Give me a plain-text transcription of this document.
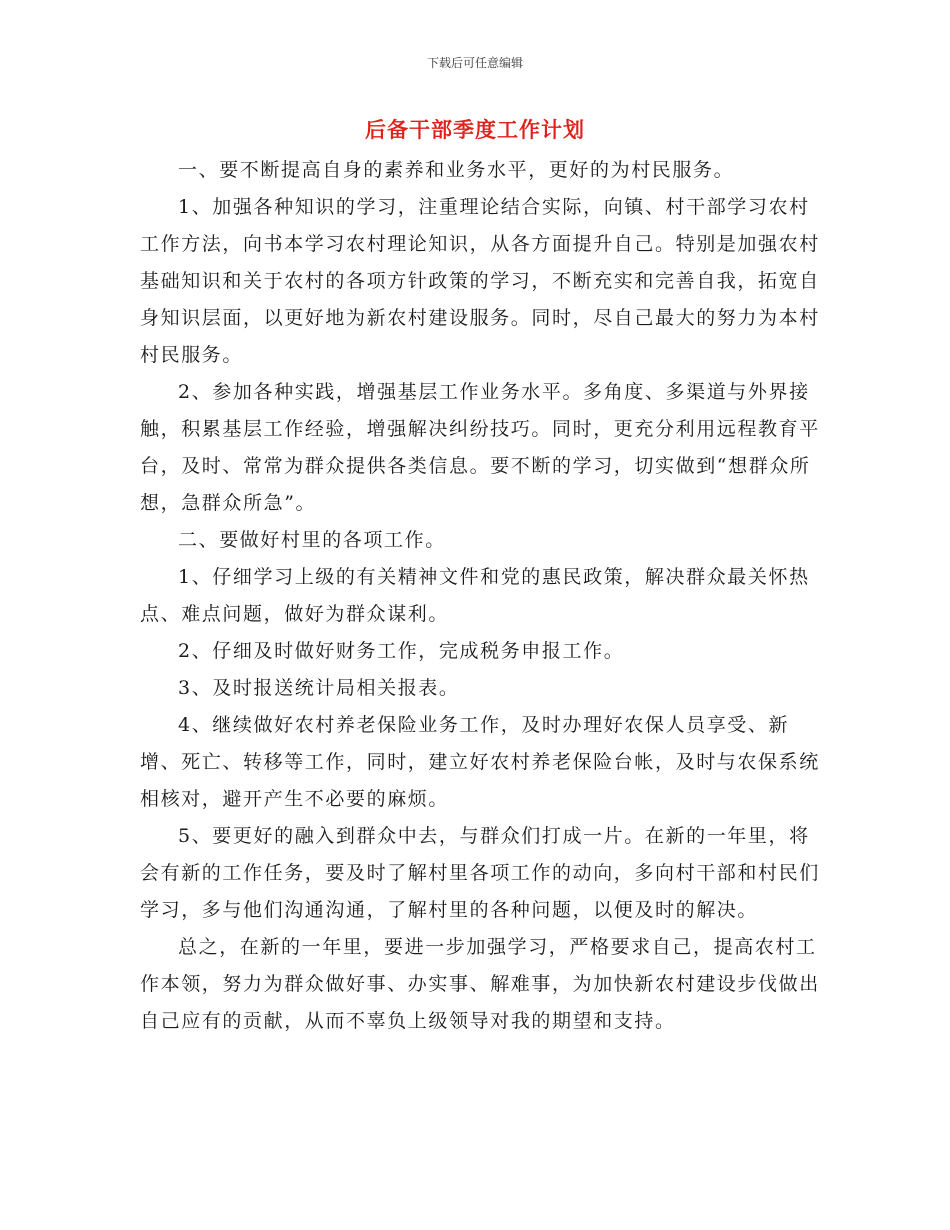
下载后可任意编辑
后备干部季度工作计划

一、要不断提高自身的素养和业务水平，更好的为村民服务。

1、加强各种知识的学习，注重理论结合实际，向镇、村干部学习农村工作方法，向书本学习农村理论知识，从各方面提升自己。特别是加强农村基础知识和关于农村的各项方针政策的学习，不断充实和完善自我，拓宽自身知识层面，以更好地为新农村建设服务。同时，尽自己最大的努力为本村村民服务。

2、参加各种实践，增强基层工作业务水平。多角度、多渠道与外界接触，积累基层工作经验，增强解决纠纷技巧。同时，更充分利用远程教育平台，及时、常常为群众提供各类信息。要不断的学习，切实做到“想群众所想，急群众所急”。

二、要做好村里的各项工作。

1、仔细学习上级的有关精神文件和党的惠民政策，解决群众最关怀热点、难点问题，做好为群众谋利。

2、仔细及时做好财务工作，完成税务申报工作。

3、及时报送统计局相关报表。

4、继续做好农村养老保险业务工作，及时办理好农保人员享受、新增、死亡、转移等工作，同时，建立好农村养老保险台帐，及时与农保系统相核对，避开产生不必要的麻烦。

5、要更好的融入到群众中去，与群众们打成一片。在新的一年里，将会有新的工作任务，要及时了解村里各项工作的动向，多向村干部和村民们学习，多与他们沟通沟通，了解村里的各种问题，以便及时的解决。

总之，在新的一年里，要进一步加强学习，严格要求自己，提高农村工作本领，努力为群众做好事、办实事、解难事，为加快新农村建设步伐做出自己应有的贡献，从而不辜负上级领导对我的期望和支持。
